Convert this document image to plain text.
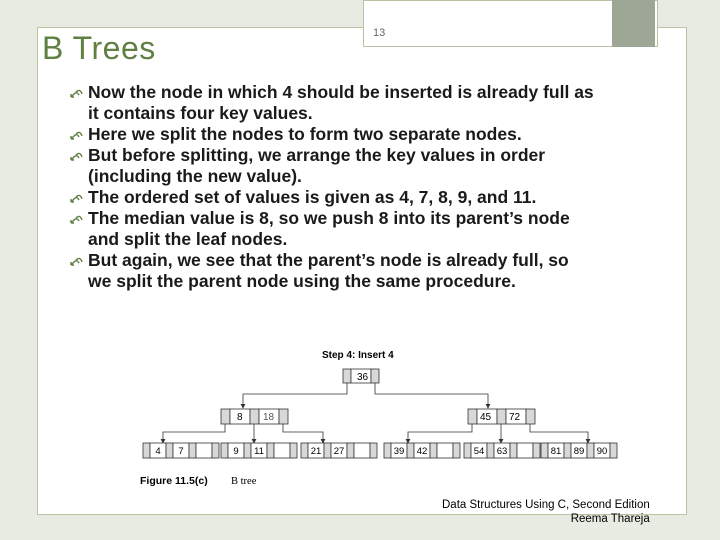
13
B Trees
Now the node in which 4 should be inserted is already full as
it contains four key values.
Here we split the nodes to form two separate nodes.
But before splitting, we arrange the key values in order
(including the new value).
The ordered set of values is given as 4, 7, 8, 9, and 11.
The median value is 8, so we push 8 into its parent’s node
and split the leaf nodes.
But again, we see that the parent’s node is already full, so
we split the parent node using the same procedure.
Step 4: Insert 4
36
8 18	45 72
4 7	9 11	21 27	39 42	54 63	81 89 90
Figure 11.5(c) B tree
Data Structures Using C, Second Edition
Reema Thareja
